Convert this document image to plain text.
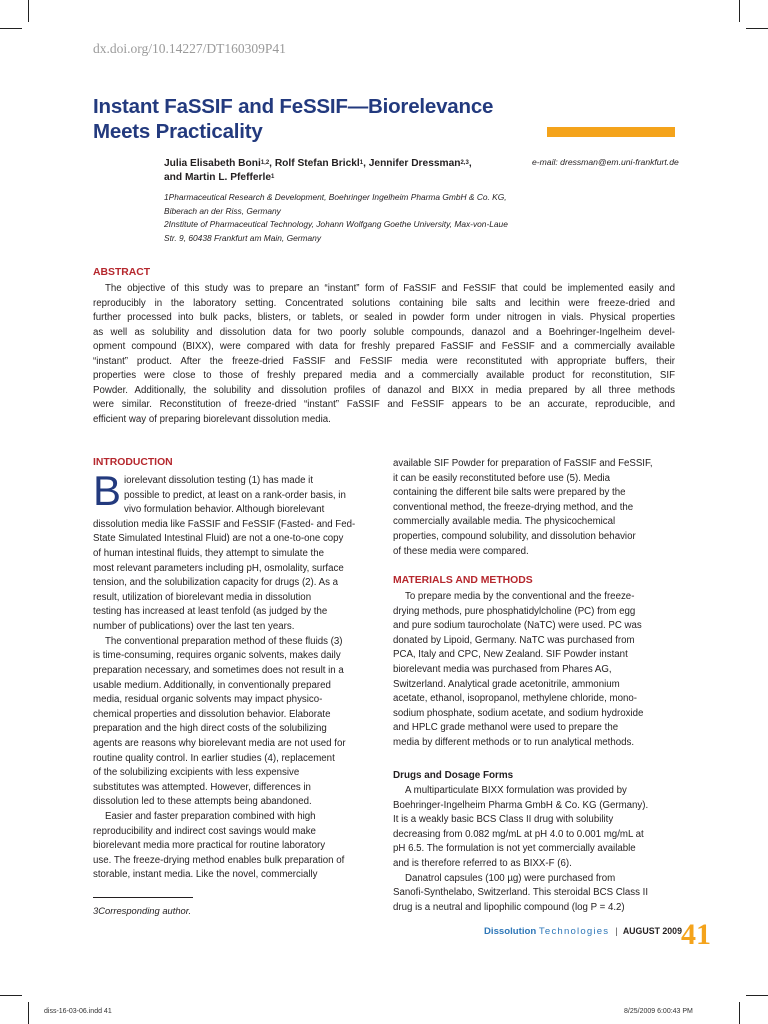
dx.doi.org/10.14227/DT160309P41
Instant FaSSIF and FeSSIF—Biorelevance
Meets Practicality
e-mail: dressman@em.uni-frankfurt.de
Julia Elisabeth Boni$^{1,2}$, Rolf Stefan Brickl$^1$, Jennifer Dressman$^{2,3}$,
and Martin L. Pfefferle$^1$
1Pharmaceutical Research & Development, Boehringer Ingelheim Pharma GmbH & Co. KG,
Biberach an der Riss, Germany
2Institute of Pharmaceutical Technology, Johann Wolfgang Goethe University, Max-von-Laue
Str. 9, 60438 Frankfurt am Main, Germany
ABSTRACT
The objective of this study was to prepare an “instant” form of FaSSIF and FeSSIF that could be implemented easily and
reproducibly in the laboratory setting. Concentrated solutions containing bile salts and lecithin were freeze-dried and
further processed into bulk packs, blisters, or tablets, or sealed in powder form under nitrogen in vials. Physical properties
as well as solubility and dissolution data for two poorly soluble compounds, danazol and a Boehringer-Ingelheim devel-
opment compound (BIXX), were compared with data for freshly prepared FaSSIF and FeSSIF and a commercially available
“instant” product. After the freeze-dried FaSSIF and FeSSIF media were reconstituted with appropriate buffers, their
properties were close to those of freshly prepared media and a commercially available product for reconstitution, SIF
Powder. Additionally, the solubility and dissolution profiles of danazol and BIXX in media prepared by all three methods
were similar. Reconstitution of freeze-dried “instant” FaSSIF and FeSSIF appears to be an accurate, reproducible, and
efficient way of preparing biorelevant dissolution media.
INTRODUCTION
B iorelevant dissolution testing (1) has made it
possible to predict, at least on a rank-order basis, in
vivo formulation behavior. Although biorelevant
dissolution media like FaSSIF and FeSSIF (Fasted- and Fed-
State Simulated Intestinal Fluid) are not a one-to-one copy
of human intestinal fluids, they attempt to simulate the
most relevant parameters including pH, osmolality, surface
tension, and the solubilization capacity for drugs (2). As a
result, utilization of biorelevant media in dissolution
testing has increased at least tenfold (as judged by the
number of publications) over the last ten years.
The conventional preparation method of these fluids (3)
is time-consuming, requires organic solvents, makes daily
preparation necessary, and sometimes does not result in a
usable medium. Additionally, in conventionally prepared
media, residual organic solvents may impact physico-
chemical properties and dissolution behavior. Elaborate
preparation and the high direct costs of the solubilizing
agents are reasons why biorelevant media are not used for
routine quality control. In earlier studies (4), replacement
of the solubilizing excipients with less expensive
substitutes was attempted. However, differences in
dissolution led to these attempts being abandoned.
Easier and faster preparation combined with high
reproducibility and indirect cost savings would make
biorelevant media more practical for routine laboratory
use. The freeze-drying method enables bulk preparation of
storable, instant media. Like the novel, commercially
available SIF Powder for preparation of FaSSIF and FeSSIF,
it can be easily reconstituted before use (5). Media
containing the different bile salts were prepared by the
conventional method, the freeze-drying method, and the
commercially available media. The physicochemical
properties, compound solubility, and dissolution behavior
of these media were compared.
MATERIALS AND METHODS
To prepare media by the conventional and the freeze-
drying methods, pure phosphatidylcholine (PC) from egg
and pure sodium taurocholate (NaTC) were used. PC was
donated by Lipoid, Germany. NaTC was purchased from
PCA, Italy and CPC, New Zealand. SIF Powder instant
biorelevant media was purchased from Phares AG,
Switzerland. Analytical grade acetonitrile, ammonium
acetate, ethanol, isopropanol, methylene chloride, mono-
sodium phosphate, sodium acetate, and sodium hydroxide
and HPLC grade methanol were used to prepare the
media by different methods or to run analytical methods.
Drugs and Dosage Forms
A multiparticulate BIXX formulation was provided by
Boehringer-Ingelheim Pharma GmbH & Co. KG (Germany).
It is a weakly basic BCS Class II drug with solubility
decreasing from 0.082 mg/mL at pH 4.0 to 0.001 mg/mL at
pH 6.5. The formulation is not yet commercially available
and is therefore referred to as BIXX-F (6).
Danatrol capsules (100 µg) were purchased from
Sanofi-Synthelabo, Switzerland. This steroidal BCS Class II
drug is a neutral and lipophilic compound (log P = 4.2)
3Corresponding author.
Dissolution Technologies | AUGUST 2009 41
diss-16-03-06.indd 41	8/25/2009 6:00:43 PM
